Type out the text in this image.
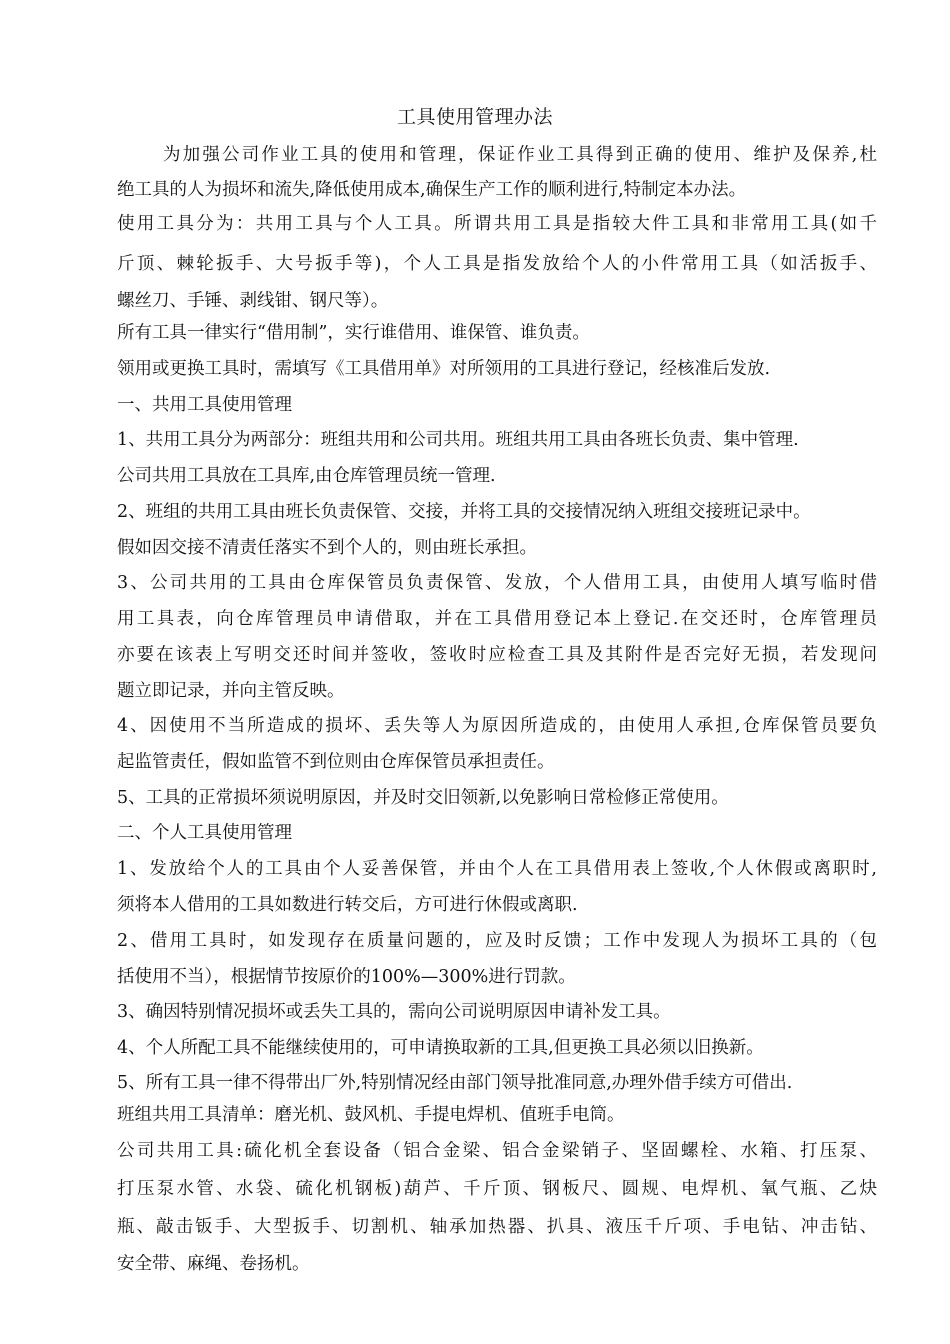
工具使用管理办法
为加强公司作业工具的使用和管理，保证作业工具得到正确的使用、维护及保养,杜
绝工具的人为损坏和流失,降低使用成本,确保生产工作的顺利进行,特制定本办法。
使用工具分为：共用工具与个人工具。所谓共用工具是指较大件工具和非常用工具(如千
斤顶、棘轮扳手、大号扳手等)，个人工具是指发放给个人的小件常用工具（如活扳手、
螺丝刀、手锤、剥线钳、钢尺等）。
所有工具一律实行“借用制”，实行谁借用、谁保管、谁负责。
领用或更换工具时，需填写《工具借用单》对所领用的工具进行登记，经核准后发放.
一、共用工具使用管理
1、共用工具分为两部分：班组共用和公司共用。班组共用工具由各班长负责、集中管理.
公司共用工具放在工具库,由仓库管理员统一管理.
2、班组的共用工具由班长负责保管、交接，并将工具的交接情况纳入班组交接班记录中。
假如因交接不清责任落实不到个人的，则由班长承担。
3、公司共用的工具由仓库保管员负责保管、发放，个人借用工具，由使用人填写临时借
用工具表，向仓库管理员申请借取，并在工具借用登记本上登记.在交还时，仓库管理员
亦要在该表上写明交还时间并签收，签收时应检查工具及其附件是否完好无损，若发现问
题立即记录，并向主管反映。
4、因使用不当所造成的损坏、丢失等人为原因所造成的，由使用人承担,仓库保管员要负
起监管责任，假如监管不到位则由仓库保管员承担责任。
5、工具的正常损坏须说明原因，并及时交旧领新,以免影响日常检修正常使用。
二、个人工具使用管理
1、发放给个人的工具由个人妥善保管，并由个人在工具借用表上签收,个人休假或离职时,
须将本人借用的工具如数进行转交后，方可进行休假或离职.
2、借用工具时，如发现存在质量问题的，应及时反馈；工作中发现人为损坏工具的（包
括使用不当），根据情节按原价的100%—300%进行罚款。
3、确因特别情况损坏或丢失工具的，需向公司说明原因申请补发工具。
4、个人所配工具不能继续使用的，可申请换取新的工具,但更换工具必须以旧换新。
5、所有工具一律不得带出厂外,特别情况经由部门领导批准同意,办理外借手续方可借出.
班组共用工具清单：磨光机、鼓风机、手提电焊机、值班手电筒。
公司共用工具:硫化机全套设备（铝合金梁、铝合金梁销子、坚固螺栓、水箱、打压泵、
打压泵水管、水袋、硫化机钢板)葫芦、千斤顶、钢板尺、圆规、电焊机、氧气瓶、乙炔
瓶、敲击钣手、大型扳手、切割机、轴承加热器、扒具、液压千斤项、手电钻、冲击钻、
安全带、麻绳、卷扬机。
